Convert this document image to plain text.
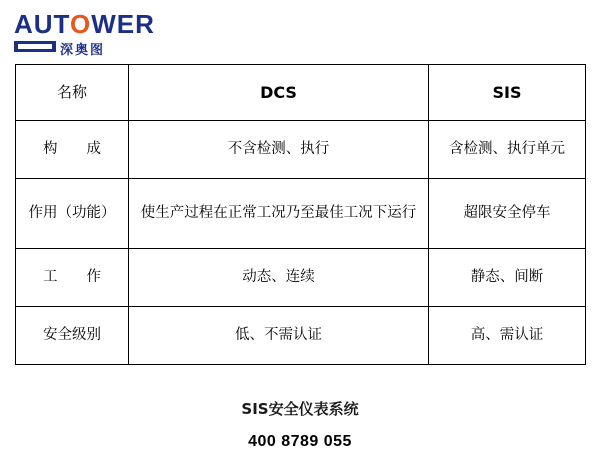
AUTOWER
深奥图
名称	DCS	SIS
构　　成	不含检测、执行	含检测、执行单元
作用（功能）	使生产过程在正常工况乃至最佳工况下运行	超限安全停车
工　　作	动态、连续	静态、间断
安全级别	低、不需认证	高、需认证
SIS安全仪表系统
400 8789 055
